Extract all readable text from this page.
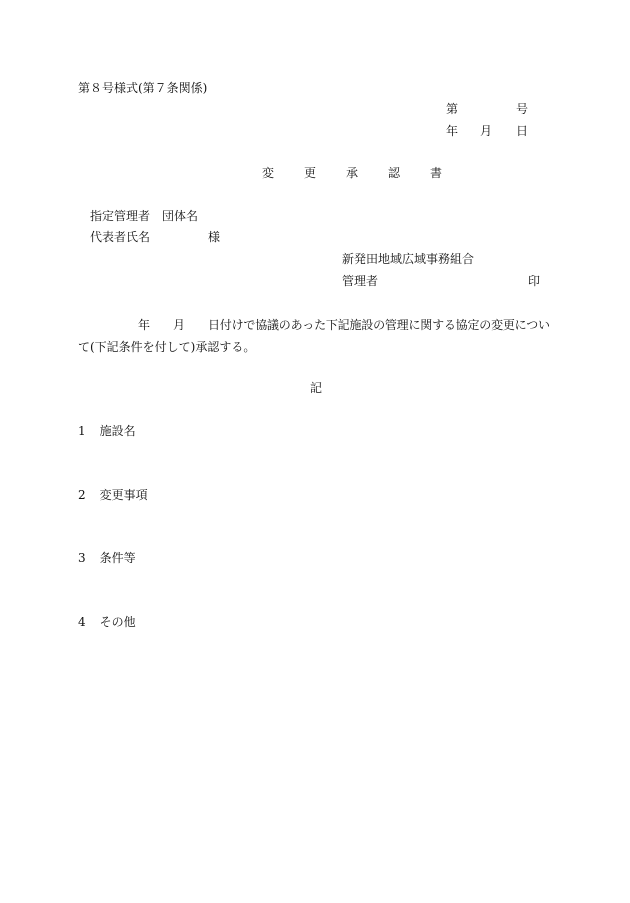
第８号様式(第７条関係)
第	号
年 月 日
変　更　承　認　書
指定管理者　団体名
代表者氏名	様
新発田地域広域事務組合
管理者	印
年 月 日付けで協議のあった下記施設の管理に関する協定の変更につい
て(下記条件を付して)承認する。
記
1 施設名
2 変更事項
3 条件等
4 その他
